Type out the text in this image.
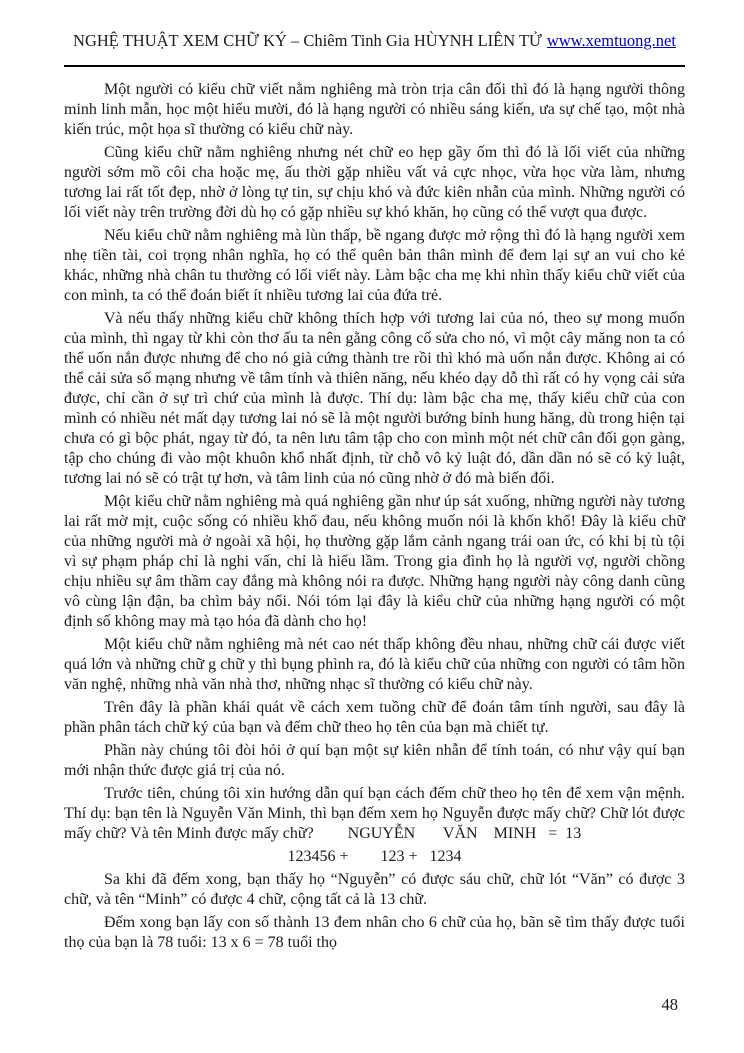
NGHỆ THUẬT XEM CHỮ KÝ – Chiêm Tinh Gia HÙYNH LIÊN TỬ www.xemtuong.net

Một người có kiểu chữ viết nằm nghiêng mà tròn trịa cân đối thì đó là hạng người thông minh linh mẫn, học một hiểu mười, đó là hạng người có nhiều sáng kiến, ưa sự chế tạo, một nhà kiến trúc, một họa sĩ thường có kiểu chữ này.

Cũng kiểu chữ nằm nghiêng nhưng nét chữ eo hẹp gầy ốm thì đó là lối viết của những người sớm mồ côi cha hoặc mẹ, ấu thời gặp nhiều vất vả cực nhọc, vừa học vừa làm, nhưng tương lai rất tốt đẹp, nhờ ở lòng tự tin, sự chịu khó và đức kiên nhẫn của mình. Những người có lối viết này trên trường đời dù họ có gặp nhiều sự khó khăn, họ cũng có thể vượt qua được.

Nếu kiểu chữ nằm nghiêng mà lùn thấp, bề ngang được mở rộng thì đó là hạng người xem nhẹ tiền tài, coi trọng nhân nghĩa, họ có thể quên bản thân mình để đem lại sự an vui cho kẻ khác, những nhà chân tu thường có lối viết này. Làm bậc cha mẹ khi nhìn thấy kiểu chữ viết của con mình, ta có thể đoán biết ít nhiều tương lai của đứa trẻ.

Và nếu thấy những kiểu chữ không thích hợp với tương lai của nó, theo sự mong muốn của mình, thì ngay từ khi còn thơ ấu ta nên gằng công cố sửa cho nó, vì một cây măng non ta có thể uốn nắn được nhưng để cho nó già cứng thành tre rồi thì khó mà uốn nắn được. Không ai có thể cải sửa số mạng nhưng về tâm tính và thiên năng, nếu khéo dạy dỗ thì rất có hy vọng cải sửa được, chỉ cần ở sự trì chứ của mình là được. Thí dụ: làm bậc cha mẹ, thấy kiểu chữ của con mình có nhiều nét mất dạy tương lai nó sẽ là một người bướng bỉnh hung hăng, dù trong hiện tại chưa có gì bộc phát, ngay từ đó, ta nên lưu tâm tập cho con mình một nét chữ cân đối gọn gàng, tập cho chúng đi vào một khuôn khổ nhất định, từ chỗ vô kỷ luật đó, dần dần nó sẽ có kỷ luật, tương lai nó sẽ có trật tự hơn, và tâm linh của nó cũng nhờ ở đó mà biến đổi.

Một kiểu chữ nằm nghiêng mà quá nghiêng gần như úp sát xuống, những người này tương lai rất mờ mịt, cuộc sống có nhiều khổ đau, nếu không muốn nói là khốn khổ! Đây là kiểu chữ của những người mà ở ngoài xã hội, họ thường gặp lắm cảnh ngang trái oan ức, có khi bị tù tội vì sự phạm pháp chỉ là nghi vấn, chỉ là hiểu lầm. Trong gia đình họ là người vợ, người chồng chịu nhiều sự âm thầm cay đắng mà không nói ra được. Những hạng người này công danh cũng vô cùng lận đận, ba chìm bảy nổi. Nói tóm lại đây là kiểu chữ của những hạng người có một định số không may mà tạo hóa đã dành cho họ!

Một kiểu chữ nằm nghiêng mà nét cao nét thấp không đều nhau, những chữ cái được viết quá lớn và những chữ g chữ y thì bụng phình ra, đó là kiểu chữ của những con người có tâm hồn văn nghệ, những nhà văn nhà thơ, những nhạc sĩ thường có kiểu chữ này.

Trên đây là phần khái quát về cách xem tuồng chữ để đoán tâm tính người, sau đây là phần phân tách chữ ký của bạn và đếm chữ theo họ tên của bạn mà chiết tự.

Phần này chúng tôi đòi hỏi ở quí bạn một sự kiên nhẫn để tính toán, có như vậy quí bạn mới nhận thức được giá trị của nó.

Trước tiên, chúng tôi xin hướng dẫn quí bạn cách đếm chữ theo họ tên để xem vận mệnh. Thí dụ: bạn tên là Nguyễn Văn Minh, thì bạn đếm xem họ Nguyễn được mấy chữ? Chữ lót được mấy chữ? Và tên Minh được mấy chữ? NGUYỄN       VĂN    MINH   =  13

123456 +        123 +   1234

Sa khi đã đếm xong, bạn thấy họ “Nguyễn” có được sáu chữ, chữ lót “Văn” có được 3 chữ, và tên “Minh” có được 4 chữ, cộng tất cả là 13 chữ.

Đếm xong bạn lấy con số thành 13 đem nhân cho 6 chữ của họ, bãn sẽ tìm thấy được tuổi thọ của bạn là 78 tuổi: 13 x 6 = 78 tuổi thọ

48
